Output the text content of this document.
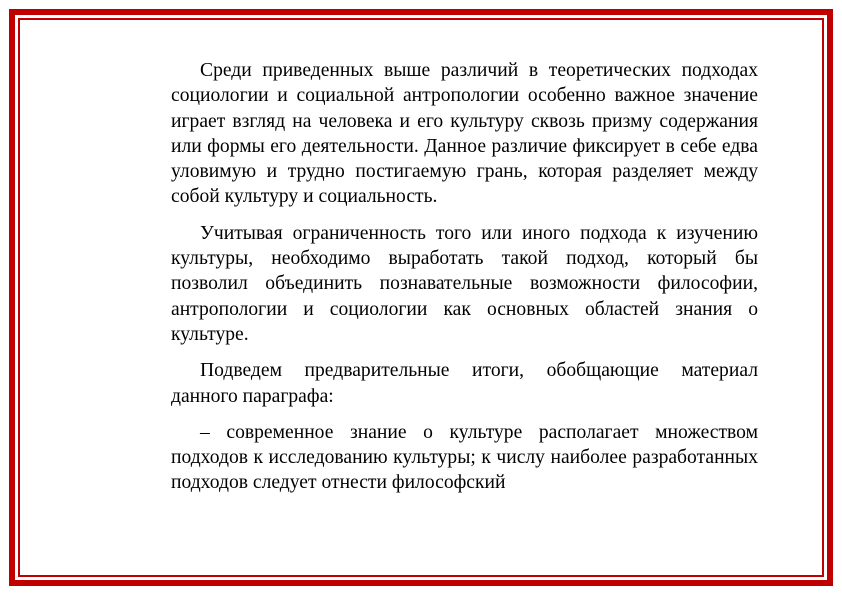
Среди приведенных выше различий в теоретических подходах социологии и социальной антропологии особенно важное значение играет взгляд на человека и его культуру сквозь призму содержания или формы его деятельности. Данное различие фиксирует в себе едва уловимую и трудно постигаемую грань, которая разделяет между собой культуру и социальность.

Учитывая ограниченность того или иного подхода к изучению культуры, необходимо выработать такой подход, который бы позволил объединить познавательные возможности философии, антропологии и социологии как основных областей знания о культуре.

Подведем предварительные итоги, обобщающие материал данного параграфа:

– современное знание о культуре располагает множеством подходов к исследованию культуры; к числу наиболее разработанных подходов следует отнести философский
